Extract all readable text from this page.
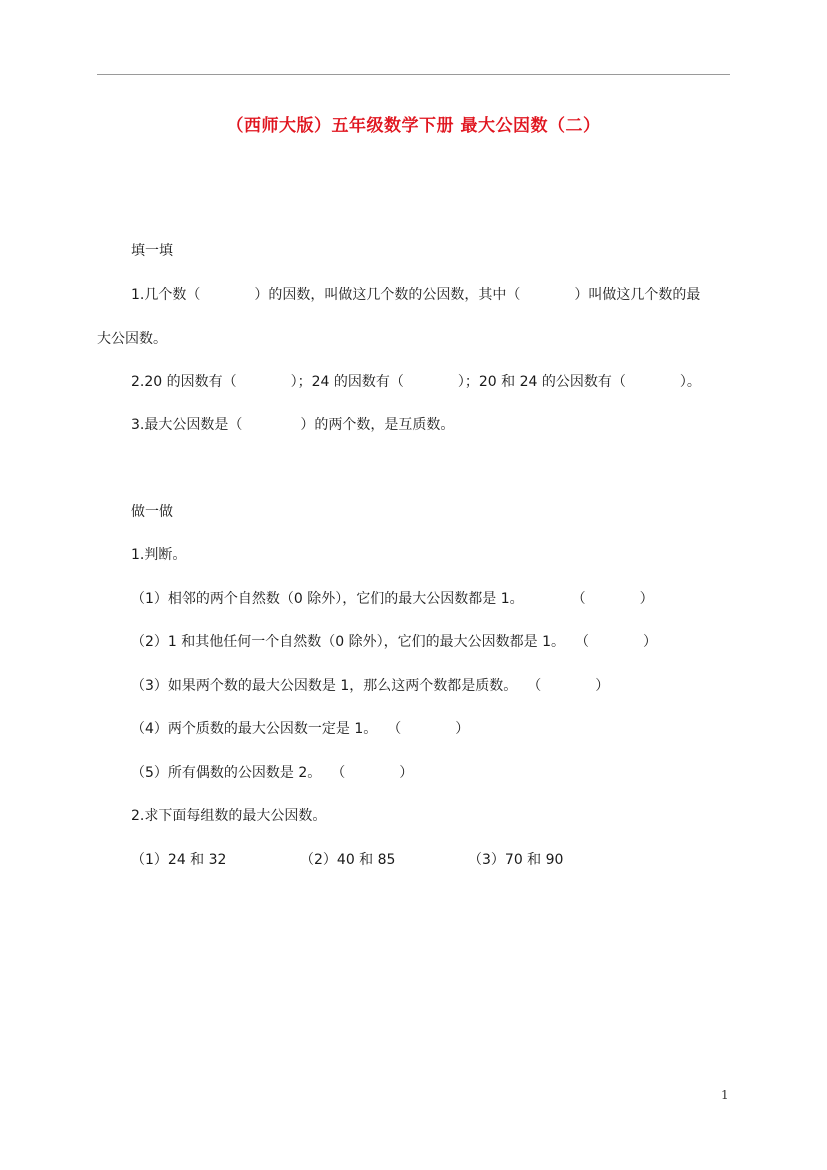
（西师大版）五年级数学下册 最大公因数（二）
填一填
1.几个数（	）的因数，叫做这几个数的公因数，其中（	）叫做这几个数的最
大公因数。
2.20 的因数有（	）；24 的因数有（	）；20 和 24 的公因数有（	）。
3.最大公因数是（	）的两个数，是互质数。
做一做
1.判断。
（1）相邻的两个自然数（0 除外），它们的最大公因数都是 1。	（	）
（2）1 和其他任何一个自然数（0 除外），它们的最大公因数都是 1。 （	）
（3）如果两个数的最大公因数是 1，那么这两个数都是质数。 （	）
（4）两个质数的最大公因数一定是 1。 （	）
（5）所有偶数的公因数是 2。 （	）
2.求下面每组数的最大公因数。
（1）24 和 32	（2）40 和 85	（3）70 和 90
1
